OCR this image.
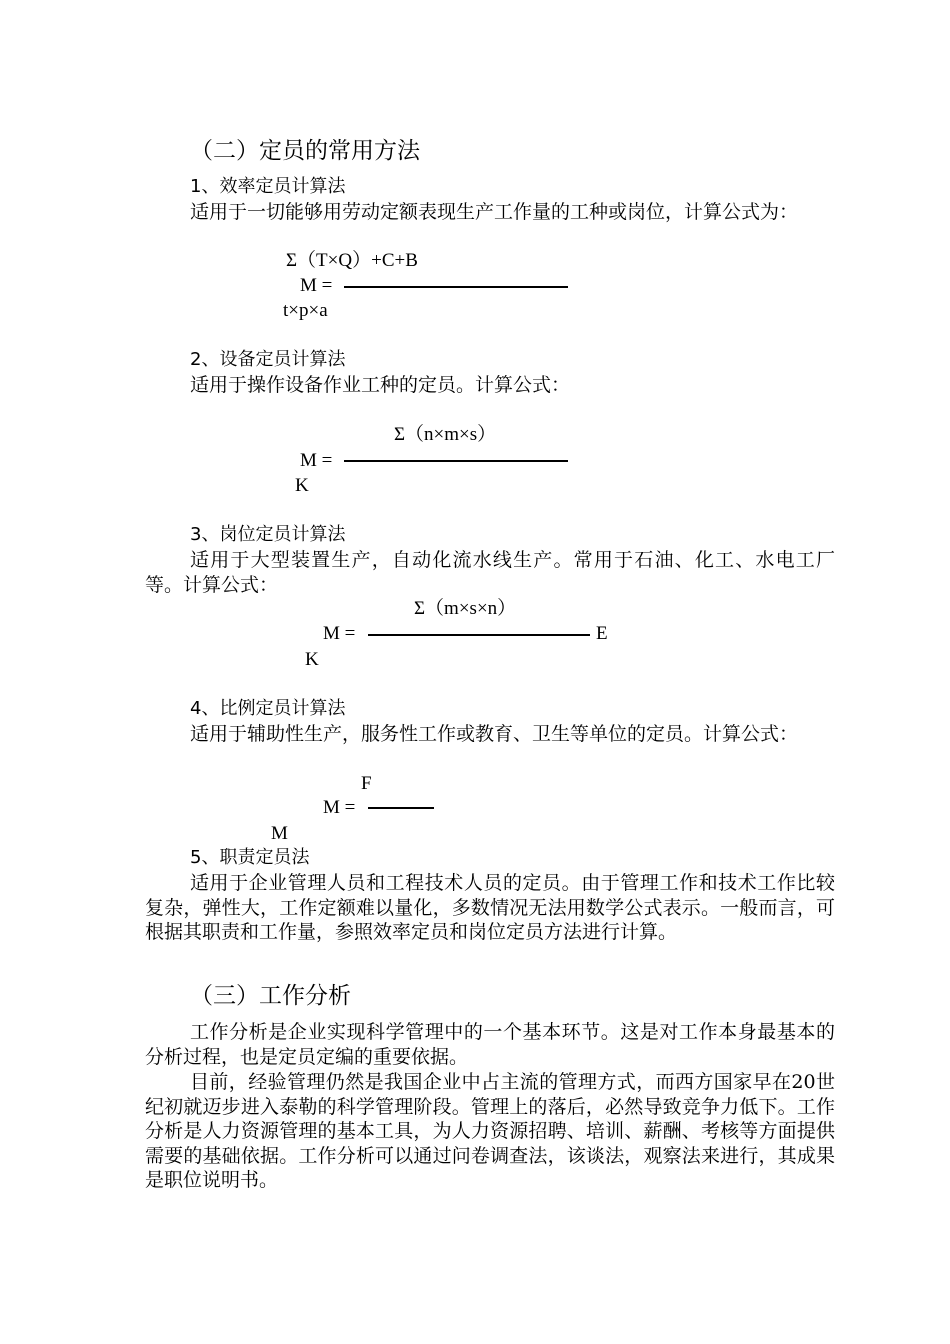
（二）定员的常用方法
1、效率定员计算法
适用于一切能够用劳动定额表现生产工作量的工种或岗位，计算公式为：
Σ（T×Q）+C+B
M =
t×p×a
2、设备定员计算法
适用于操作设备作业工种的定员。计算公式：
Σ（n×m×s）
M =
K
3、岗位定员计算法
适用于大型装置生产，自动化流水线生产。常用于石油、化工、水电工厂等。计算公式：
Σ（m×s×n）
M =	E
K
4、比例定员计算法
适用于辅助性生产，服务性工作或教育、卫生等单位的定员。计算公式：
F
M =
M
5、职责定员法
适用于企业管理人员和工程技术人员的定员。由于管理工作和技术工作比较复杂，弹性大，工作定额难以量化，多数情况无法用数学公式表示。一般而言，可根据其职责和工作量，参照效率定员和岗位定员方法进行计算。
（三）工作分析
工作分析是企业实现科学管理中的一个基本环节。这是对工作本身最基本的分析过程，也是定员定编的重要依据。
目前，经验管理仍然是我国企业中占主流的管理方式，而西方国家早在20世纪初就迈步进入泰勒的科学管理阶段。管理上的落后，必然导致竞争力低下。工作分析是人力资源管理的基本工具，为人力资源招聘、培训、薪酬、考核等方面提供需要的基础依据。工作分析可以通过问卷调查法，该谈法，观察法来进行，其成果是职位说明书。
